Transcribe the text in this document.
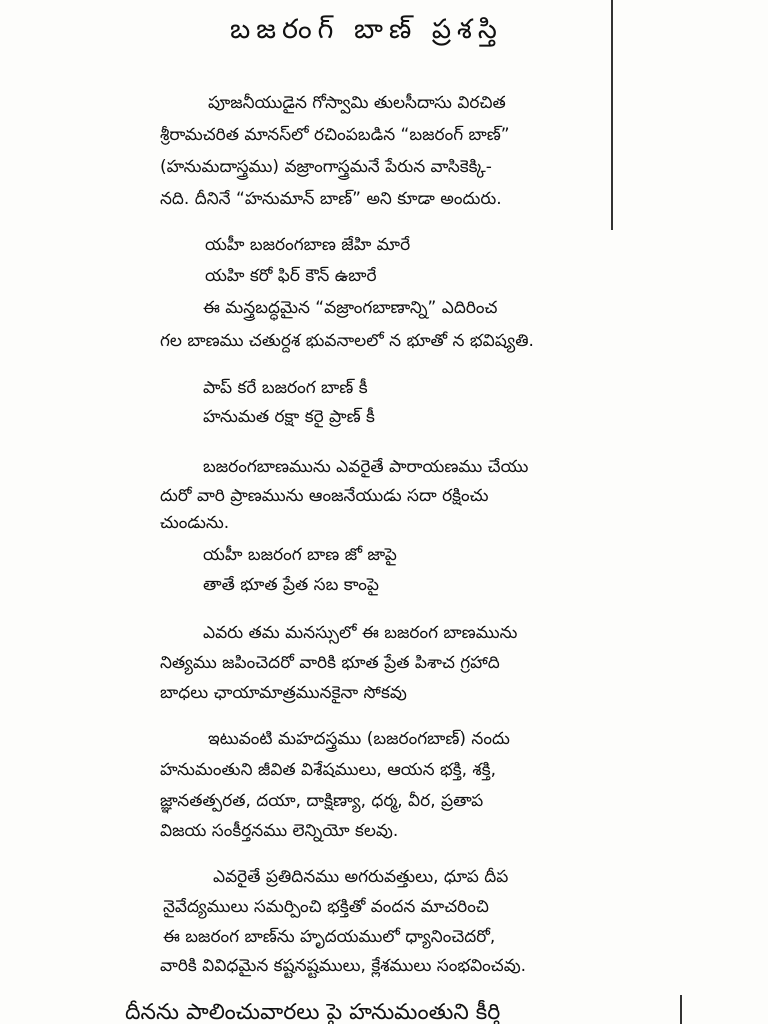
బజరంగ్ బాణ్ ప్రశస్తి
పూజనీయుడైన గోస్వామి తులసీదాసు విరచిత
శ్రీరామచరిత మానస్‌లో రచింపబడిన “బజరంగ్ బాణ్”
(హనుమదాస్త్రము) వజ్రాంగాస్త్రమనే పేరున వాసికెక్కి-
నది. దీనినే “హనుమాన్ బాణ్” అని కూడా అందురు.
యహీ బజరంగబాణ జేహి మారే
యహి కరో ఫిర్ కౌన్ ఉబారే
ఈ మన్త్రబద్ధమైన “వజ్రాంగబాణాన్ని” ఎదిరించ
గల బాణము చతుర్దశ భువనాలలో న భూతో న భవిష్యతి.
పాప్ కరే బజరంగ బాణ్ కీ
హనుమత రక్షా కరై ప్రాణ్ కీ
బజరంగబాణమును ఎవరైతే పారాయణము చేయు
దురో వారి ప్రాణమును ఆంజనేయుడు సదా రక్షించు
చుండును.
యహీ బజరంగ బాణ జో జాపై
తాతే భూత ప్రేత సబ కాంపై
ఎవరు తమ మనస్సులో ఈ బజరంగ బాణమును
నిత్యము జపించెదరో వారికి భూత ప్రేత పిశాచ గ్రహాది
బాధలు ఛాయామాత్రమునకైనా సోకవు
ఇటువంటి మహదస్త్రము (బజరంగబాణ్) నందు
హనుమంతుని జీవిత విశేషములు, ఆయన భక్తి, శక్తి,
జ్ఞానతత్పరత, దయా, దాక్షిణ్యా, ధర్మ, వీర, ప్రతాప
విజయ సంకీర్తనము లెన్నియో కలవు.
ఎవరైతే ప్రతిదినము అగరువత్తులు, ధూప దీప
నైవేద్యములు సమర్పించి భక్తితో వందన మాచరించి
ఈ బజరంగ బాణ్‌ను హృదయములో ధ్యానించెదరో,
వారికి వివిధమైన కష్టనష్టములు, క్లేశములు సంభవించవు.
దీనను పాలించువారలు పై హనుమంతుని కీర్తి
